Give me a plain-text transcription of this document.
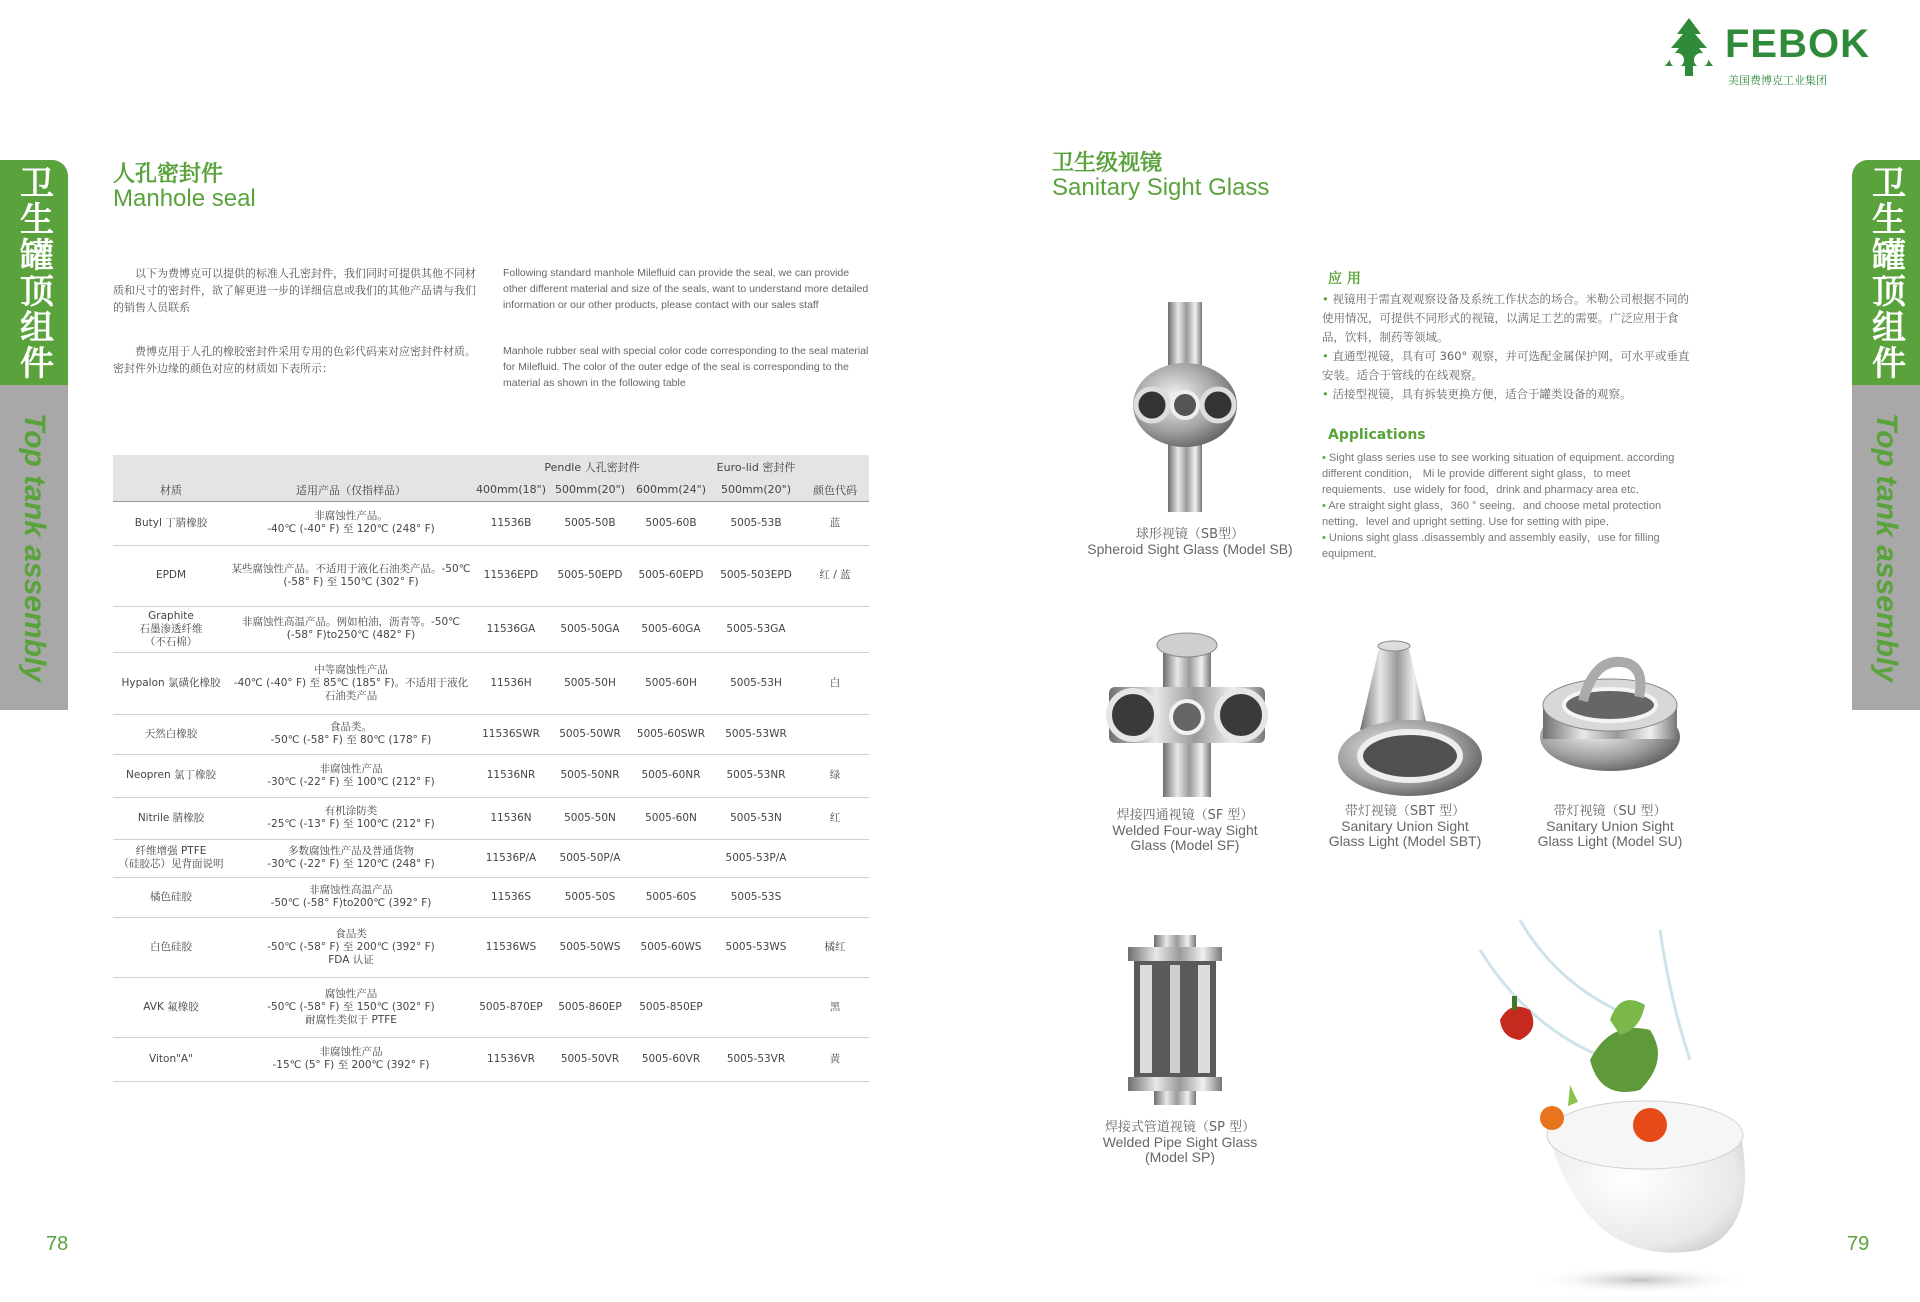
卫生罐顶组件
Top tank assembly
卫生罐顶组件
Top tank assembly
78	79
FEBOK
美国费博克工业集团
人孔密封件
Manhole seal
以下为费博克可以提供的标准人孔密封件，我们同时可提供其他不同材质和尺寸的密封件，欲了解更进一步的详细信息或我们的其他产品请与我们的销售人员联系
费博克用于人孔的橡胶密封件采用专用的色彩代码来对应密封件材质。密封件外边缘的颜色对应的材质如下表所示：
Following standard manhole Milefluid can provide the seal, we can provide other different material and size of the seals, want to understand more detailed information or our other products, please contact with our sales staff
Manhole rubber seal with special color code corresponding to the seal material for Milefluid. The color of the outer edge of the seal is corresponding to the material as shown in the following table
		Pendle 人孔密封件			Euro-lid 密封件	
材质	适用产品（仅指样品）	400mm(18")	500mm(20")	600mm(24")	500mm(20")	颜色代码
Butyl 丁腈橡胶	非腐蚀性产品。
-40℃ (-40° F) 至 120℃ (248° F)	11536B	5005-50B	5005-60B	5005-53B	蓝
EPDM	某些腐蚀性产品。不适用于液化石油类产品。-50℃ (-58° F) 至 150℃ (302° F)	11536EPD	5005-50EPD	5005-60EPD	5005-503EPD	红 / 蓝
Graphite
石墨渗透纤维
（不石棉）	非腐蚀性高温产品。例如柏油，沥青等。-50℃ (-58° F)to250℃ (482° F)	11536GA	5005-50GA	5005-60GA	5005-53GA	
Hypalon 氯磺化橡胶	中等腐蚀性产品
-40℃ (-40° F) 至 85℃ (185° F)。不适用于液化石油类产品	11536H	5005-50H	5005-60H	5005-53H	白
天然白橡胶	食品类。
-50℃ (-58° F) 至 80℃ (178° F)	11536SWR	5005-50WR	5005-60SWR	5005-53WR	
Neopren 氯丁橡胶	非腐蚀性产品
-30℃ (-22° F) 至 100℃ (212° F)	11536NR	5005-50NR	5005-60NR	5005-53NR	绿
Nitrile 腈橡胶	有机涂防类
-25℃ (-13° F) 至 100℃ (212° F)	11536N	5005-50N	5005-60N	5005-53N	红
纤维增强 PTFE
（硅胶芯）见背面说明	多数腐蚀性产品及普通货物
-30℃ (-22° F) 至 120℃ (248° F)	11536P/A	5005-50P/A		5005-53P/A	
橘色硅胶	非腐蚀性高温产品
-50℃ (-58° F)to200℃ (392° F)	11536S	5005-50S	5005-60S	5005-53S	
白色硅胶	食品类
-50℃ (-58° F) 至 200℃ (392° F)
FDA 认证	11536WS	5005-50WS	5005-60WS	5005-53WS	橘红
AVK 氟橡胶	腐蚀性产品
-50℃ (-58° F) 至 150℃ (302° F)
耐腐性类似于 PTFE	5005-870EP	5005-860EP	5005-850EP		黑
Viton"A"	非腐蚀性产品
-15℃ (5° F) 至 200℃ (392° F)	11536VR	5005-50VR	5005-60VR	5005-53VR	黄
卫生级视镜
Sanitary Sight Glass
应 用
• 视镜用于需直观观察设备及系统工作状态的场合。米勒公司根据不同的使用情况，可提供不同形式的视镜，以满足工艺的需要。广泛应用于食品，饮料，制药等领域。
• 直通型视镜，具有可 360° 观察，并可选配金属保护网，可水平或垂直安装。适合于管线的在线观察。
• 活接型视镜，具有拆装更换方便，适合于罐类设备的观察。
Applications
• Sight glass series use to see working situation of equipment. according different condition， Mi le provide different sight glass，to meet requiements．use widely for food，drink and pharmacy area etc．
• Are straight sight glass，360 ° seeing．and choose metal protection netting．level and upright setting. Use for setting with pipe．
• Unions sight glass .disassembly and assembly easily，use for filling equipment．
球形视镜（SB型）
Spheroid Sight Glass (Model SB)
焊接四通视镜（SF 型）
Welded Four-way Sight
Glass (Model SF)
带灯视镜（SBT 型）
Sanitary Union Sight
Glass Light (Model SBT)
带灯视镜（SU 型）
Sanitary Union Sight
Glass Light (Model SU)
焊接式管道视镜（SP 型）
Welded Pipe Sight Glass
(Model SP)
